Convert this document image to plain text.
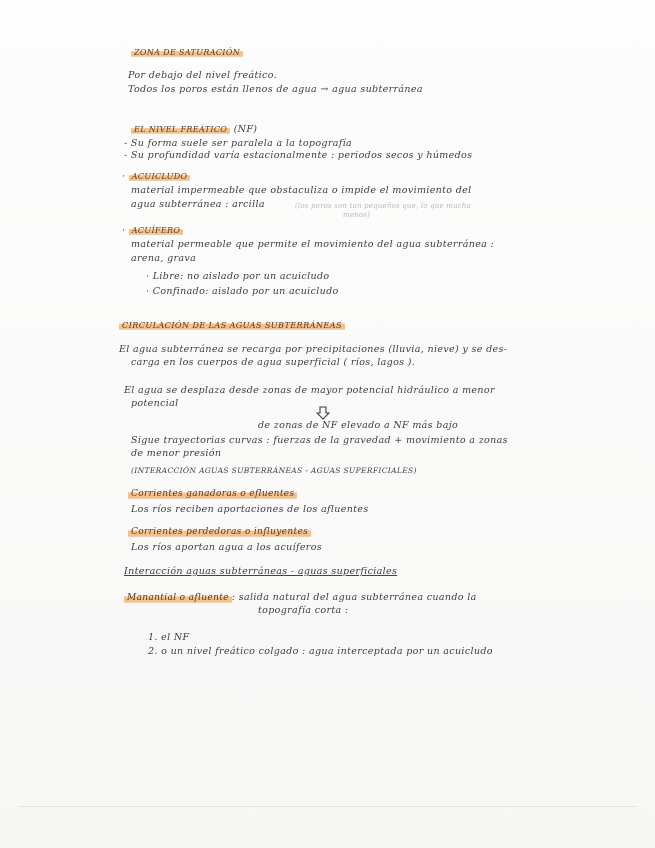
ZONA DE SATURACIÓN
Por debajo del nivel freático.
Todos los poros están llenos de agua → agua subterránea
EL NIVEL FREÁTICO (NF)
- Su forma suele ser paralela a la topografía
- Su profundidad varía estacionalmente : periodos secos y húmedos
· ACUICLUDO
material impermeable que obstaculiza o impide el movimiento del
agua subterránea : arcilla	(los poros son tan pequeños que, lo que mucha
menos)
· ACUÍFERO
material permeable que permite el movimiento del agua subterránea :
arena, grava
· Libre: no aislado por un acuicludo
· Confinado: aislado por un acuicludo
CIRCULACIÓN DE LAS AGUAS SUBTERRÁNEAS
El agua subterránea se recarga por precipitaciones (lluvia, nieve) y se des-
carga en los cuerpos de agua superficial ( ríos, lagos ).
El agua se desplaza desde zonas de mayor potencial hidráulico a menor
potencial
de zonas de NF elevado a NF más bajo
Sigue trayectorias curvas : fuerzas de la gravedad + movimiento a zonas
de menor presión
(INTERACCIÓN AGUAS SUBTERRÁNEAS - AGUAS SUPERFICIALES)
Corrientes ganadoras o efluentes
Los ríos reciben aportaciones de los afluentes
Corrientes perdedoras o influyentes
Los ríos aportan agua a los acuíferos
Interacción aguas subterráneas - aguas superficiales
Manantial o afluente : salida natural del agua subterránea cuando la
topografía corta :
1. el NF
2. o un nivel freático colgado : agua interceptada por un acuicludo
